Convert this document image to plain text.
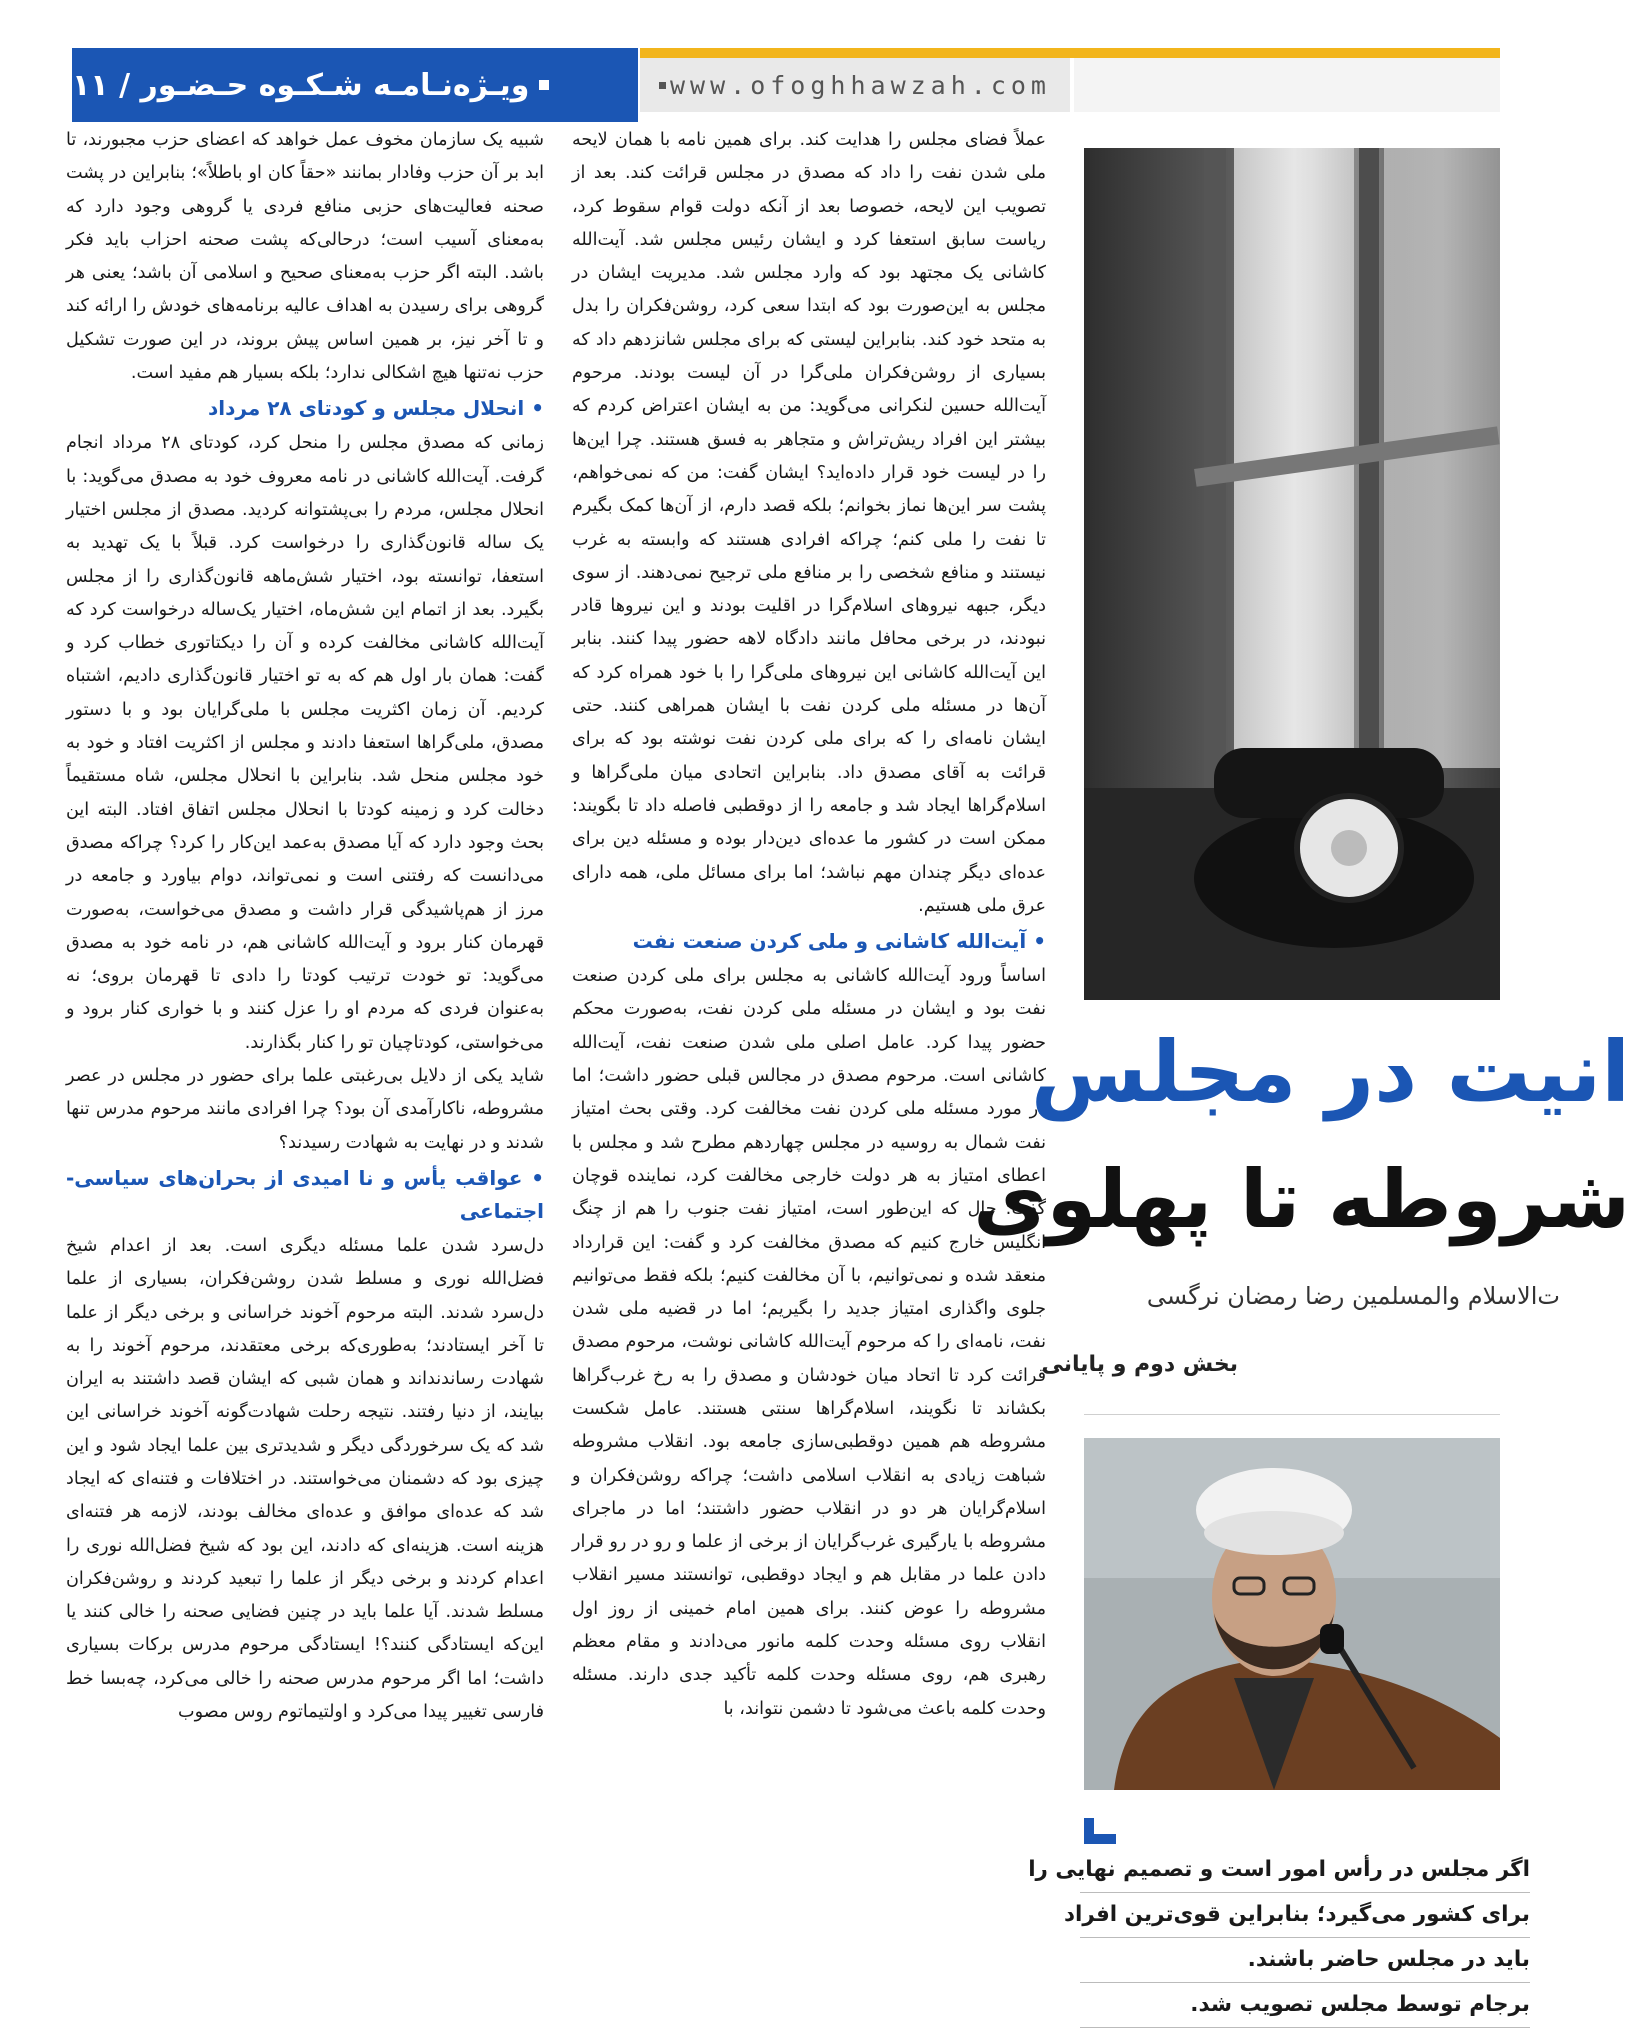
www.ofoghhawzah.com
ویـژه‌نـامـه شـکـوه حـضـور / ۱۱

عملاً فضای مجلس را هدایت کند. برای همین نامه با همان لایحه ملی شدن نفت را داد که مصدق در مجلس قرائت کند. بعد از تصویب این لایحه، خصوصا بعد از آنکه دولت قوام سقوط کرد، ریاست سابق استعفا کرد و ایشان رئیس مجلس شد. آیت‌الله کاشانی یک مجتهد بود که وارد مجلس شد. مدیریت ایشان در مجلس به این‌صورت بود که ابتدا سعی کرد، روشن‌فکران را بدل به متحد خود کند. بنابراین لیستی که برای مجلس شانزدهم داد که بسیاری از روشن‌فکران ملی‌گرا در آن لیست بودند. مرحوم آیت‌الله حسین لنکرانی می‌گوید: من به ایشان اعتراض کردم که بیشتر این افراد ریش‌تراش و متجاهر به فسق هستند. چرا این‌ها را در لیست خود قرار داده‌اید؟ ایشان گفت: من که نمی‌خواهم، پشت سر این‌ها نماز بخوانم؛ بلکه قصد دارم، از آن‌ها کمک بگیرم تا نفت را ملی کنم؛ چراکه افرادی هستند که وابسته به غرب نیستند و منافع شخصی را بر منافع ملی ترجیح نمی‌دهند. از سوی دیگر، جبهه نیروهای اسلام‌گرا در اقلیت بودند و این نیروها قادر نبودند، در برخی محافل مانند دادگاه لاهه حضور پیدا کنند. بنابر این آیت‌الله کاشانی این نیروهای ملی‌گرا را با خود همراه کرد که آن‌ها در مسئله ملی کردن نفت با ایشان همراهی کنند. حتی ایشان نامه‌ای را که برای ملی کردن نفت نوشته بود که برای قرائت به آقای مصدق داد. بنابراین اتحادی میان ملی‌گراها و اسلام‌گراها ایجاد شد و جامعه را از دوقطبی فاصله داد تا بگویند: ممکن است در کشور ما عده‌ای دین‌دار بوده و مسئله دین برای عده‌ای دیگر چندان مهم نباشد؛ اما برای مسائل ملی، همه دارای عرق ملی هستیم.

• آیت‌الله کاشانی و ملی کردن صنعت نفت

اساساً ورود آیت‌الله کاشانی به مجلس برای ملی کردن صنعت نفت بود و ایشان در مسئله ملی کردن نفت، به‌صورت محکم حضور پیدا کرد. عامل اصلی ملی شدن صنعت نفت، آیت‌الله کاشانی است. مرحوم مصدق در مجالس قبلی حضور داشت؛ اما در مورد مسئله ملی کردن نفت مخالفت کرد. وقتی بحث امتیاز نفت شمال به روسیه در مجلس چهاردهم مطرح شد و مجلس با اعطای امتیاز به هر دولت خارجی مخالفت کرد، نماینده قوچان گفت: حال که این‌طور است، امتیاز نفت جنوب را هم از چنگ انگلیس خارج کنیم که مصدق مخالفت کرد و گفت: این قرارداد منعقد شده و نمی‌توانیم، با آن مخالفت کنیم؛ بلکه فقط می‌توانیم جلوی واگذاری امتیاز جدید را بگیریم؛ اما در قضیه ملی شدن نفت، نامه‌ای را که مرحوم آیت‌الله کاشانی نوشت، مرحوم مصدق قرائت کرد تا اتحاد میان خودشان و مصدق را به رخ غرب‌گراها بکشاند تا نگویند، اسلام‌گراها سنتی هستند. عامل شکست مشروطه هم همین دوقطبی‌سازی جامعه بود. انقلاب مشروطه شباهت زیادی به انقلاب اسلامی داشت؛ چراکه روشن‌فکران و اسلام‌گرایان هر دو در انقلاب حضور داشتند؛ اما در ماجرای مشروطه با یارگیری غرب‌گرایان از برخی از علما و رو در رو قرار دادن علما در مقابل هم و ایجاد دوقطبی، توانستند مسیر انقلاب مشروطه را عوض کنند. برای همین امام خمینی از روز اول انقلاب روی مسئله وحدت کلمه مانور می‌دادند و مقام معظم رهبری هم، روی مسئله وحدت کلمه تأکید جدی دارند. مسئله وحدت کلمه باعث می‌شود تا دشمن نتواند، با

شبیه یک سازمان مخوف عمل خواهد که اعضای حزب مجبورند، تا ابد بر آن حزب وفادار بمانند «حقاً کان او باطلاً»؛ بنابراین در پشت صحنه فعالیت‌های حزبی منافع فردی یا گروهی وجود دارد که به‌معنای آسیب است؛ درحالی‌که پشت صحنه احزاب باید فکر باشد. البته اگر حزب به‌معنای صحیح و اسلامی آن باشد؛ یعنی هر گروهی برای رسیدن به اهداف عالیه برنامه‌های خودش را ارائه کند و تا آخر نیز، بر همین اساس پیش بروند، در این صورت تشکیل حزب نه‌تنها هیچ اشکالی ندارد؛ بلکه بسیار هم مفید است.

• انحلال مجلس و کودتای ۲۸ مرداد

زمانی که مصدق مجلس را منحل کرد، کودتای ۲۸ مرداد انجام گرفت. آیت‌الله کاشانی در نامه معروف خود به مصدق می‌گوید: با انحلال مجلس، مردم را بی‌پشتوانه کردید. مصدق از مجلس اختیار یک ساله قانون‌گذاری را درخواست کرد. قبلاً با یک تهدید به استعفا، توانسته بود، اختیار شش‌ماهه قانون‌گذاری را از مجلس بگیرد. بعد از اتمام این شش‌ماه، اختیار یک‌ساله درخواست کرد که آیت‌الله کاشانی مخالفت کرده و آن را دیکتاتوری خطاب کرد و گفت: همان بار اول هم که به تو اختیار قانون‌گذاری دادیم، اشتباه کردیم. آن زمان اکثریت مجلس با ملی‌گرایان بود و با دستور مصدق، ملی‌گراها استعفا دادند و مجلس از اکثریت افتاد و خود به خود مجلس منحل شد. بنابراین با انحلال مجلس، شاه مستقیماً دخالت کرد و زمینه کودتا با انحلال مجلس اتفاق افتاد. البته این بحث وجود دارد که آیا مصدق به‌عمد این‌کار را کرد؟ چراکه مصدق می‌دانست که رفتنی است و نمی‌تواند، دوام بیاورد و جامعه در مرز از هم‌پاشیدگی قرار داشت و مصدق می‌خواست، به‌صورت قهرمان کنار برود و آیت‌الله کاشانی هم، در نامه خود به مصدق می‌گوید: تو خودت ترتیب کودتا را دادی تا قهرمان بروی؛ نه به‌عنوان فردی که مردم او را عزل کنند و با خواری کنار برود و می‌خواستی، کودتاچیان تو را کنار بگذارند.

شاید یکی از دلایل بی‌رغبتی علما برای حضور در مجلس در عصر مشروطه، ناکارآمدی آن بود؟ چرا افرادی مانند مرحوم مدرس تنها شدند و در نهایت به شهادت رسیدند؟

• عواقب یأس و نا امیدی از بحران‌های سیاسی-اجتماعی

دل‌سرد شدن علما مسئله دیگری است. بعد از اعدام شیخ فضل‌الله نوری و مسلط شدن روشن‌فکران، بسیاری از علما دل‌سرد شدند. البته مرحوم آخوند خراسانی و برخی دیگر از علما تا آخر ایستادند؛ به‌طوری‌که برخی معتقدند، مرحوم آخوند را به شهادت رساندند‌اند و همان شبی که ایشان قصد داشتند به ایران بیایند، از دنیا رفتند. نتیجه رحلت شهادت‌گونه آخوند خراسانی این شد که یک سرخوردگی دیگر و شدیدتری بین علما ایجاد شود و این چیزی بود که دشمنان می‌خواستند. در اختلافات و فتنه‌ای که ایجاد شد که عده‌ای موافق و عده‌ای مخالف بودند، لازمه هر فتنه‌ای هزینه است. هزینه‌ای که دادند، این بود که شیخ فضل‌الله نوری را اعدام کردند و برخی دیگر از علما را تبعید کردند و روشن‌فکران مسلط شدند. آیا علما باید در چنین فضایی صحنه را خالی کنند یا این‌که ایستادگی کنند؟! ایستادگی مرحوم مدرس برکات بسیاری داشت؛ اما اگر مرحوم مدرس صحنه را خالی می‌کرد، چه‌بسا خط فارسی تغییر پیدا می‌کرد و اولتیماتوم روس مصوب

انیت در مجلس
شروطه تا پهلوی
ت‌الاسلام والمسلمین رضا رمضان نرگسی
بخش دوم و پایانی
اگر مجلس در رأس امور است و تصمیم نهایی را
برای کشور می‌گیرد؛ بنابراین قوی‌ترین افراد
باید در مجلس حاضر باشند.
برجام توسط مجلس تصویب شد.
